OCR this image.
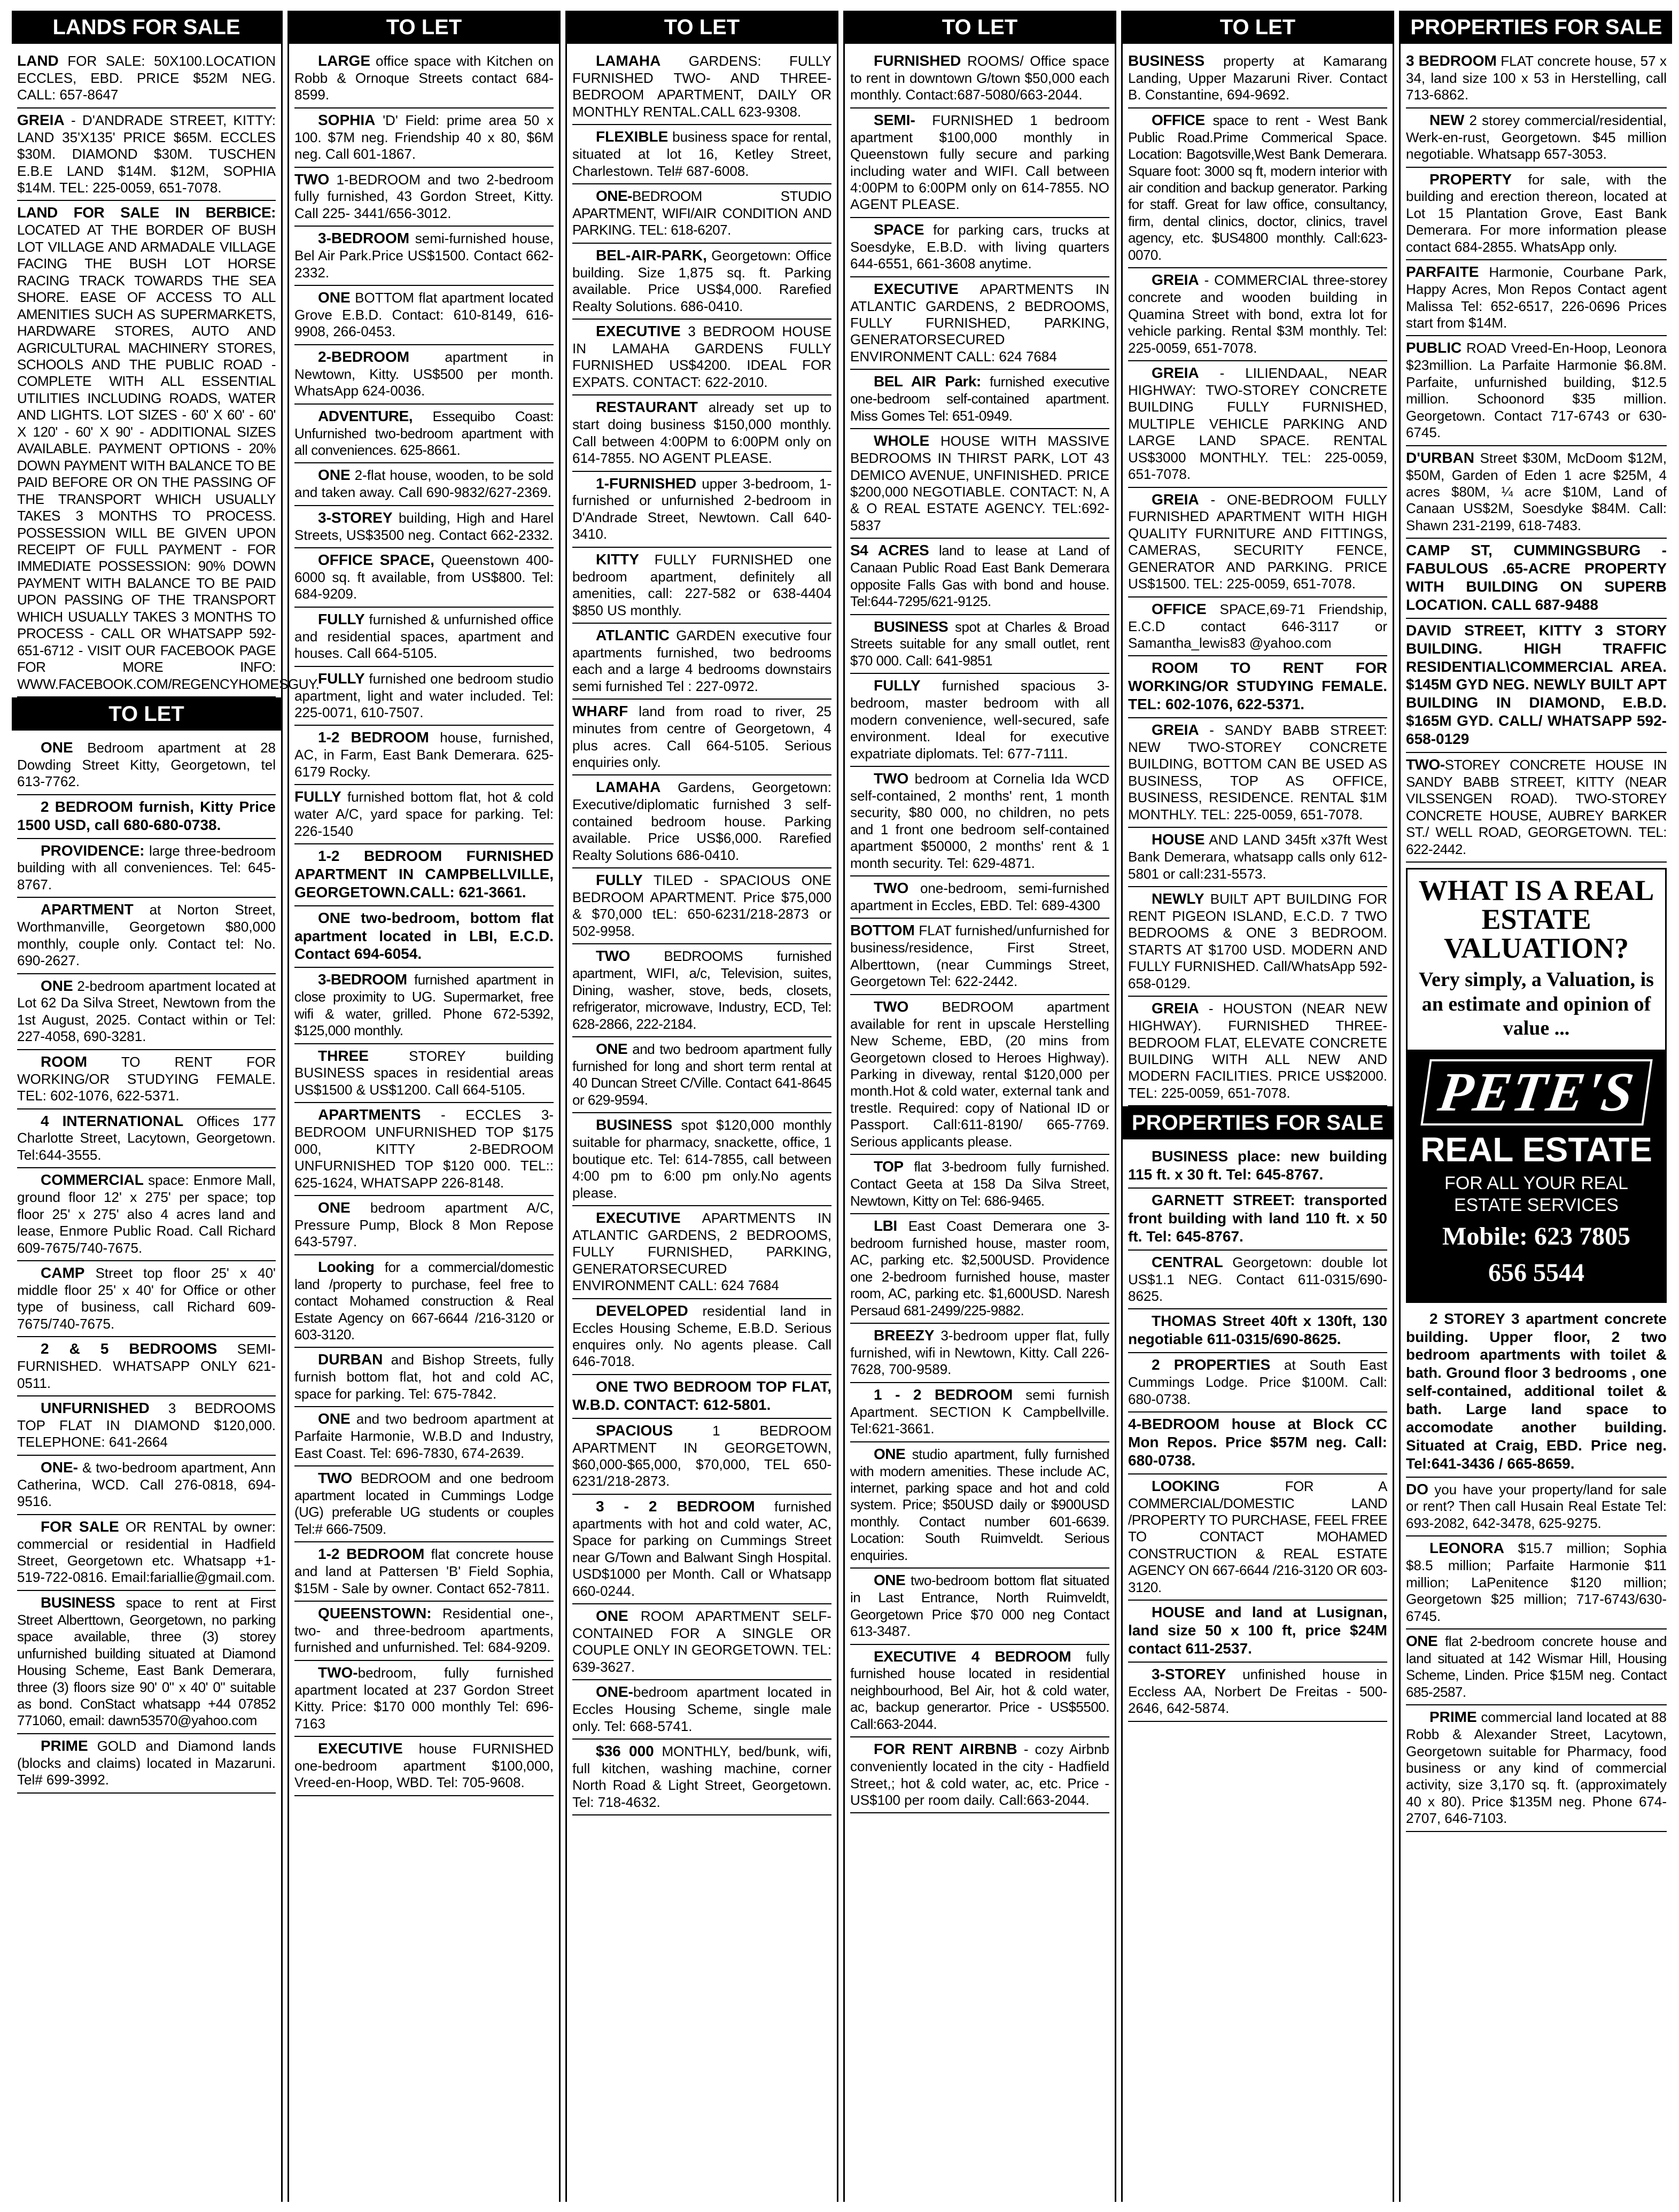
LANDS FOR SALE
LAND FOR SALE: 50X100.LOCATION ECCLES, EBD. PRICE $52M NEG. CALL: 657-8647
GREIA - D'ANDRADE STREET, KITTY: LAND 35'X135' PRICE $65M. ECCLES $30M. DIAMOND $30M. TUSCHEN E.B.E LAND $14M. $12M, SOPHIA $14M. TEL: 225-0059, 651-7078.
LAND FOR SALE IN BERBICE: LOCATED AT THE BORDER OF BUSH LOT VILLAGE AND ARMADALE VILLAGE FACING THE BUSH LOT HORSE RACING TRACK TOWARDS THE SEA SHORE. EASE OF ACCESS TO ALL AMENITIES SUCH AS SUPERMARKETS, HARDWARE STORES, AUTO AND AGRICULTURAL MACHINERY STORES, SCHOOLS AND THE PUBLIC ROAD - COMPLETE WITH ALL ESSENTIAL UTILITIES INCLUDING ROADS, WATER AND LIGHTS. LOT SIZES - 60' X 60' - 60' X 120' - 60' X 90' - ADDITIONAL SIZES AVAILABLE. PAYMENT OPTIONS - 20% DOWN PAYMENT WITH BALANCE TO BE PAID BEFORE OR ON THE PASSING OF THE TRANSPORT WHICH USUALLY TAKES 3 MONTHS TO PROCESS. POSSESSION WILL BE GIVEN UPON RECEIPT OF FULL PAYMENT - FOR IMMEDIATE POSSESSION: 90% DOWN PAYMENT WITH BALANCE TO BE PAID UPON PASSING OF THE TRANSPORT WHICH USUALLY TAKES 3 MONTHS TO PROCESS - CALL OR WHATSAPP 592-651-6712 - VISIT OUR FACEBOOK PAGE FOR MORE INFO: WWW.FACEBOOK.COM/REGENCYHOMESGUY.
TO LET
ONE Bedroom apartment at 28 Dowding Street Kitty, Georgetown, tel 613-7762.
2 BEDROOM furnish, Kitty Price 1500 USD, call 680-680-0738.
PROVIDENCE: large three-bedroom building with all conveniences. Tel: 645-8767.
APARTMENT at Norton Street, Worthmanville, Georgetown $80,000 monthly, couple only. Contact tel: No. 690-2627.
ONE 2-bedroom apartment located at Lot 62 Da Silva Street, Newtown from the 1st August, 2025. Contact within or Tel: 227-4058, 690-3281.
ROOM TO RENT FOR WORKING/OR STUDYING FEMALE. TEL: 602-1076, 622-5371.
4 INTERNATIONAL Offices 177 Charlotte Street, Lacytown, Georgetown. Tel:644-3555.
COMMERCIAL space: Enmore Mall, ground floor 12' x 275' per space; top floor 25' x 275' also 4 acres land and lease, Enmore Public Road. Call Richard 609-7675/740-7675.
CAMP Street top floor 25' x 40' middle floor 25' x 40' for Office or other type of business, call Richard 609-7675/740-7675.
2 & 5 BEDROOMS SEMI-FURNISHED. WHATSAPP ONLY 621-0511.
UNFURNISHED 3 BEDROOMS TOP FLAT IN DIAMOND $120,000. TELEPHONE: 641-2664
ONE- & two-bedroom apartment, Ann Catherina, WCD. Call 276-0818, 694-9516.
FOR SALE OR RENTAL by owner: commercial or residential in Hadfield Street, Georgetown etc. Whatsapp +1-519-722-0816. Email:fariallie@gmail.com.
BUSINESS space to rent at First Street Alberttown, Georgetown, no parking space available, three (3) storey unfurnished building situated at Diamond Housing Scheme, East Bank Demerara, three (3) floors size 90' 0" x 40' 0" suitable as bond. ConStact whatsapp +44 07852 771060, email: dawn53570@yahoo.com
PRIME GOLD and Diamond lands (blocks and claims) located in Mazaruni. Tel# 699-3992.
TO LET
LARGE office space with Kitchen on Robb & Ornoque Streets contact 684-8599.
SOPHIA 'D' Field: prime area 50 x 100. $7M neg. Friendship 40 x 80, $6M neg. Call 601-1867.
TWO 1-BEDROOM and two 2-bedroom fully furnished, 43 Gordon Street, Kitty. Call 225- 3441/656-3012.
3-BEDROOM semi-furnished house, Bel Air Park.Price US$1500. Contact 662-2332.
ONE BOTTOM flat apartment located Grove E.B.D. Contact: 610-8149, 616-9908, 266-0453.
2-BEDROOM apartment in Newtown, Kitty. US$500 per month. WhatsApp 624-0036.
ADVENTURE, Essequibo Coast: Unfurnished two-bedroom apartment with all conveniences. 625-8661.
ONE 2-flat house, wooden, to be sold and taken away. Call 690-9832/627-2369.
3-STOREY building, High and Harel Streets, US$3500 neg. Contact 662-2332.
OFFICE SPACE, Queenstown 400-6000 sq. ft available, from US$800. Tel: 684-9209.
FULLY furnished & unfurnished office and residential spaces, apartment and houses. Call 664-5105.
FULLY furnished one bedroom studio apartment, light and water included. Tel: 225-0071, 610-7507.
1-2 BEDROOM house, furnished, AC, in Farm, East Bank Demerara. 625-6179 Rocky.
FULLY furnished bottom flat, hot & cold water A/C, yard space for parking. Tel: 226-1540
1-2 BEDROOM FURNISHED APARTMENT IN CAMPBELLVILLE, GEORGETOWN.CALL: 621-3661.
ONE two-bedroom, bottom flat apartment located in LBI, E.C.D. Contact 694-6054.
3-BEDROOM furnished apartment in close proximity to UG. Supermarket, free wifi & water, grilled. Phone 672-5392, $125,000 monthly.
THREE STOREY building BUSINESS spaces in residential areas US$1500 & US$1200. Call 664-5105.
APARTMENTS - ECCLES 3-BEDROOM UNFURNISHED TOP $175 000, KITTY 2-BEDROOM UNFURNISHED TOP $120 000. TEL:: 625-1624, WHATSAPP 226-8148.
ONE bedroom apartment A/C, Pressure Pump, Block 8 Mon Repose 643-5797.
Looking for a commercial/domestic land /property to purchase, feel free to contact Mohamed construction & Real Estate Agency on 667-6644 /216-3120 or 603-3120.
DURBAN and Bishop Streets, fully furnish bottom flat, hot and cold AC, space for parking. Tel: 675-7842.
ONE and two bedroom apartment at Parfaite Harmonie, W.B.D and Industry, East Coast. Tel: 696-7830, 674-2639.
TWO BEDROOM and one bedroom apartment located in Cummings Lodge (UG) preferable UG students or couples Tel:# 666-7509.
1-2 BEDROOM flat concrete house and land at Pattersen 'B' Field Sophia, $15M - Sale by owner. Contact 652-7811.
QUEENSTOWN: Residential one-, two- and three-bedroom apartments, furnished and unfurnished. Tel: 684-9209.
TWO-bedroom, fully furnished apartment located at 237 Gordon Street Kitty. Price: $170 000 monthly Tel: 696-7163
EXECUTIVE house FURNISHED one-bedroom apartment $100,000, Vreed-en-Hoop, WBD. Tel: 705-9608.
TO LET
LAMAHA GARDENS: FULLY FURNISHED TWO- AND THREE-BEDROOM APARTMENT, DAILY OR MONTHLY RENTAL.CALL 623-9308.
FLEXIBLE business space for rental, situated at lot 16, Ketley Street, Charlestown. Tel# 687-6008.
ONE-BEDROOM STUDIO APARTMENT, WIFI/AIR CONDITION AND PARKING. TEL: 618-6207.
BEL-AIR-PARK, Georgetown: Office building. Size 1,875 sq. ft. Parking available. Price US$4,000. Rarefied Realty Solutions. 686-0410.
EXECUTIVE 3 BEDROOM HOUSE IN LAMAHA GARDENS FULLY FURNISHED US$4200. IDEAL FOR EXPATS. CONTACT: 622-2010.
RESTAURANT already set up to start doing business $150,000 monthly. Call between 4:00PM to 6:00PM only on 614-7855. NO AGENT PLEASE.
1-FURNISHED upper 3-bedroom, 1-furnished or unfurnished 2-bedroom in D'Andrade Street, Newtown. Call 640-3410.
KITTY FULLY FURNISHED one bedroom apartment, definitely all amenities, call: 227-582 or 638-4404 $850 US monthly.
ATLANTIC GARDEN executive four apartments furnished, two bedrooms each and a large 4 bedrooms downstairs semi furnished Tel : 227-0972.
WHARF land from road to river, 25 minutes from centre of Georgetown, 4 plus acres. Call 664-5105. Serious enquiries only.
LAMAHA Gardens, Georgetown: Executive/diplomatic furnished 3 self-contained bedroom house. Parking available. Price US$6,000. Rarefied Realty Solutions 686-0410.
FULLY TILED - SPACIOUS ONE BEDROOM APARTMENT. Price $75,000 & $70,000 tEL: 650-6231/218-2873 or 502-9958.
TWO BEDROOMS furnished apartment, WIFI, a/c, Television, suites, Dining, washer, stove, beds, closets, refrigerator, microwave, Industry, ECD, Tel: 628-2866, 222-2184.
ONE and two bedroom apartment fully furnished for long and short term rental at 40 Duncan Street C/Ville. Contact 641-8645 or 629-9594.
BUSINESS spot $120,000 monthly suitable for pharmacy, snackette, office, 1 boutique etc. Tel: 614-7855, call between 4:00 pm to 6:00 pm only.No agents please.
EXECUTIVE APARTMENTS IN ATLANTIC GARDENS, 2 BEDROOMS, FULLY FURNISHED, PARKING, GENERATORSECURED ENVIRONMENT CALL: 624 7684
DEVELOPED residential land in Eccles Housing Scheme, E.B.D. Serious enquires only. No agents please. Call 646-7018.
ONE TWO BEDROOM TOP FLAT, W.B.D. CONTACT: 612-5801.
SPACIOUS 1 BEDROOM APARTMENT IN GEORGETOWN, $60,000-$65,000, $70,000, TEL 650-6231/218-2873.
3 - 2 BEDROOM furnished apartments with hot and cold water, AC, Space for parking on Cummings Street near G/Town and Balwant Singh Hospital. USD$1000 per Month. Call or Whatsapp 660-0244.
ONE ROOM APARTMENT SELF-CONTAINED FOR A SINGLE OR COUPLE ONLY IN GEORGETOWN. TEL: 639-3627.
ONE-bedroom apartment located in Eccles Housing Scheme, single male only. Tel: 668-5741.
$36 000 MONTHLY, bed/bunk, wifi, full kitchen, washing machine, corner North Road & Light Street, Georgetown. Tel: 718-4632.
TO LET
FURNISHED ROOMS/ Office space to rent in downtown G/town $50,000 each monthly. Contact:687-5080/663-2044.
SEMI- FURNISHED 1 bedroom apartment $100,000 monthly in Queenstown fully secure and parking including water and WIFI. Call between 4:00PM to 6:00PM only on 614-7855. NO AGENT PLEASE.
SPACE for parking cars, trucks at Soesdyke, E.B.D. with living quarters 644-6551, 661-3608 anytime.
EXECUTIVE APARTMENTS IN ATLANTIC GARDENS, 2 BEDROOMS, FULLY FURNISHED, PARKING, GENERATORSECURED ENVIRONMENT CALL: 624 7684
BEL AIR Park: furnished executive one-bedroom self-contained apartment. Miss Gomes Tel: 651-0949.
WHOLE HOUSE WITH MASSIVE BEDROOMS IN THIRST PARK, LOT 43 DEMICO AVENUE, UNFINISHED. PRICE $200,000 NEGOTIABLE. CONTACT: N, A & O REAL ESTATE AGENCY. TEL:692-5837
S4 ACRES land to lease at Land of Canaan Public Road East Bank Demerara opposite Falls Gas with bond and house. Tel:644-7295/621-9125.
BUSINESS spot at Charles & Broad Streets suitable for any small outlet, rent $70 000. Call: 641-9851
FULLY furnished spacious 3-bedroom, master bedroom with all modern convenience, well-secured, safe environment. Ideal for executive expatriate diplomats. Tel: 677-7111.
TWO bedroom at Cornelia Ida WCD self-contained, 2 months' rent, 1 month security, $80 000, no children, no pets and 1 front one bedroom self-contained apartment $50000, 2 months' rent & 1 month security. Tel: 629-4871.
TWO one-bedroom, semi-furnished apartment in Eccles, EBD. Tel: 689-4300
BOTTOM FLAT furnished/unfurnished for business/residence, First Street, Alberttown, (near Cummings Street, Georgetown Tel: 622-2442.
TWO BEDROOM apartment available for rent in upscale Herstelling New Scheme, EBD, (20 mins from Georgetown closed to Heroes Highway). Parking in diveway, rental $120,000 per month.Hot & cold water, external tank and trestle. Required: copy of National ID or Passport. Call:611-8190/ 665-7769. Serious applicants please.
TOP flat 3-bedroom fully furnished. Contact Geeta at 158 Da Silva Street, Newtown, Kitty on Tel: 686-9465.
LBI East Coast Demerara one 3-bedroom furnished house, master room, AC, parking etc. $2,500USD. Providence one 2-bedroom furnished house, master room, AC, parking etc. $1,600USD. Naresh Persaud 681-2499/225-9882.
BREEZY 3-bedroom upper flat, fully furnished, wifi in Newtown, Kitty. Call 226-7628, 700-9589.
1 - 2 BEDROOM semi furnish Apartment. SECTION K Campbellville. Tel:621-3661.
ONE studio apartment, fully furnished with modern amenities. These include AC, internet, parking space and hot and cold system. Price; $50USD daily or $900USD monthly. Contact number 601-6639. Location: South Ruimveldt. Serious enquiries.
ONE two-bedroom bottom flat situated in Last Entrance, North Ruimveldt, Georgetown Price $70 000 neg Contact 613-3487.
EXECUTIVE 4 BEDROOM fully furnished house located in residential neighbourhood, Bel Air, hot & cold water, ac, backup generartor. Price - US$5500. Call:663-2044.
FOR RENT AIRBNB - cozy Airbnb conveniently located in the city - Hadfield Street,; hot & cold water, ac, etc. Price - US$100 per room daily. Call:663-2044.
TO LET
BUSINESS property at Kamarang Landing, Upper Mazaruni River. Contact B. Constantine, 694-9692.
OFFICE space to rent - West Bank Public Road.Prime Commerical Space. Location: Bagotsville,West Bank Demerara. Square foot: 3000 sq ft, modern interior with air condition and backup generator. Parking for staff. Great for law office, consultancy, firm, dental clinics, doctor, clinics, travel agency, etc. $US4800 monthly. Call:623-0070.
GREIA - COMMERCIAL three-storey concrete and wooden building in Quamina Street with bond, extra lot for vehicle parking. Rental $3M monthly. Tel: 225-0059, 651-7078.
GREIA - LILIENDAAL, NEAR HIGHWAY: TWO-STOREY CONCRETE BUILDING FULLY FURNISHED, MULTIPLE VEHICLE PARKING AND LARGE LAND SPACE. RENTAL US$3000 MONTHLY. TEL: 225-0059, 651-7078.
GREIA - ONE-BEDROOM FULLY FURNISHED APARTMENT WITH HIGH QUALITY FURNITURE AND FITTINGS, CAMERAS, SECURITY FENCE, GENERATOR AND PARKING. PRICE US$1500. TEL: 225-0059, 651-7078.
OFFICE SPACE,69-71 Friendship, E.C.D contact 646-3117 or Samantha_lewis83 @yahoo.com
ROOM TO RENT FOR WORKING/OR STUDYING FEMALE. TEL: 602-1076, 622-5371.
GREIA - SANDY BABB STREET: NEW TWO-STOREY CONCRETE BUILDING, BOTTOM CAN BE USED AS BUSINESS, TOP AS OFFICE, BUSINESS, RESIDENCE. RENTAL $1M MONTHLY. TEL: 225-0059, 651-7078.
HOUSE AND LAND 345ft x37ft West Bank Demerara, whatsapp calls only 612-5801 or call:231-5573.
NEWLY BUILT APT BUILDING FOR RENT PIGEON ISLAND, E.C.D. 7 TWO BEDROOMS & ONE 3 BEDROOM. STARTS AT $1700 USD. MODERN AND FULLY FURNISHED. Call/WhatsApp 592-658-0129.
GREIA - HOUSTON (NEAR NEW HIGHWAY). FURNISHED THREE-BEDROOM FLAT, ELEVATE CONCRETE BUILDING WITH ALL NEW AND MODERN FACILITIES. PRICE US$2000. TEL: 225-0059, 651-7078.
PROPERTIES FOR SALE
BUSINESS place: new building 115 ft. x 30 ft. Tel: 645-8767.
GARNETT STREET: transported front building with land 110 ft. x 50 ft. Tel: 645-8767.
CENTRAL Georgetown: double lot US$1.1 NEG. Contact 611-0315/690-8625.
THOMAS Street 40ft x 130ft, 130 negotiable 611-0315/690-8625.
2 PROPERTIES at South East Cummings Lodge. Price $100M. Call: 680-0738.
4-BEDROOM house at Block CC Mon Repos. Price $57M neg. Call: 680-0738.
LOOKING FOR A COMMERCIAL/DOMESTIC LAND /PROPERTY TO PURCHASE, FEEL FREE TO CONTACT MOHAMED CONSTRUCTION & REAL ESTATE AGENCY ON 667-6644 /216-3120 OR 603-3120.
HOUSE and land at Lusignan, land size 50 x 100 ft, price $24M contact 611-2537.
3-STOREY unfinished house in Eccless AA, Norbert De Freitas - 500-2646, 642-5874.
PROPERTIES FOR SALE
3 BEDROOM FLAT concrete house, 57 x 34, land size 100 x 53 in Herstelling, call 713-6862.
NEW 2 storey commercial/residential, Werk-en-rust, Georgetown. $45 million negotiable. Whatsapp 657-3053.
PROPERTY for sale, with the building and erection thereon, located at Lot 15 Plantation Grove, East Bank Demerara. For more information please contact 684-2855. WhatsApp only.
PARFAITE Harmonie, Courbane Park, Happy Acres, Mon Repos Contact agent Malissa Tel: 652-6517, 226-0696 Prices start from $14M.
PUBLIC ROAD Vreed-En-Hoop, Leonora $23million. La Parfaite Harmonie $6.8M. Parfaite, unfurnished building, $12.5 million. Schoonord $35 million. Georgetown. Contact 717-6743 or 630-6745.
D'URBAN Street $30M, McDoom $12M, $50M, Garden of Eden 1 acre $25M, 4 acres $80M, ¼ acre $10M, Land of Canaan US$2M, Soesdyke $84M. Call: Shawn 231-2199, 618-7483.
CAMP ST, CUMMINGSBURG - FABULOUS .65-ACRE PROPERTY WITH BUILDING ON SUPERB LOCATION. CALL 687-9488
DAVID STREET, KITTY 3 STORY BUILDING. HIGH TRAFFIC RESIDENTIAL\COMMERCIAL AREA. $145M GYD NEG. NEWLY BUILT APT BUILDING IN DIAMOND, E.B.D. $165M GYD. CALL/ WHATSAPP 592-658-0129
TWO-STOREY CONCRETE HOUSE IN SANDY BABB STREET, KITTY (NEAR VILSSENGEN ROAD). TWO-STOREY CONCRETE HOUSE, AUBREY BARKER ST./ WELL ROAD, GEORGETOWN. TEL: 622-2442.
WHAT IS A REAL ESTATE VALUATION?
Very simply, a Valuation, is an estimate and opinion of value ...
PETE'S
REAL ESTATE
FOR ALL YOUR REAL ESTATE SERVICES
Mobile: 623 7805
656 5544
2 STOREY 3 apartment concrete building. Upper floor, 2 two bedroom apartments with toilet & bath. Ground floor 3 bedrooms , one self-contained, additional toilet & bath. Large land space to accomodate another building. Situated at Craig, EBD. Price neg. Tel:641-3436 / 665-8659.
DO you have your property/land for sale or rent? Then call Husain Real Estate Tel: 693-2082, 642-3478, 625-9275.
LEONORA $15.7 million; Sophia $8.5 million; Parfaite Harmonie $11 million; LaPenitence $120 million; Georgetown $25 million; 717-6743/630-6745.
ONE flat 2-bedroom concrete house and land situated at 142 Wismar Hill, Housing Scheme, Linden. Price $15M neg. Contact 685-2587.
PRIME commercial land located at 88 Robb & Alexander Street, Lacytown, Georgetown suitable for Pharmacy, food business or any kind of commercial activity, size 3,170 sq. ft. (approximately 40 x 80). Price $135M neg. Phone 674-2707, 646-7103.
